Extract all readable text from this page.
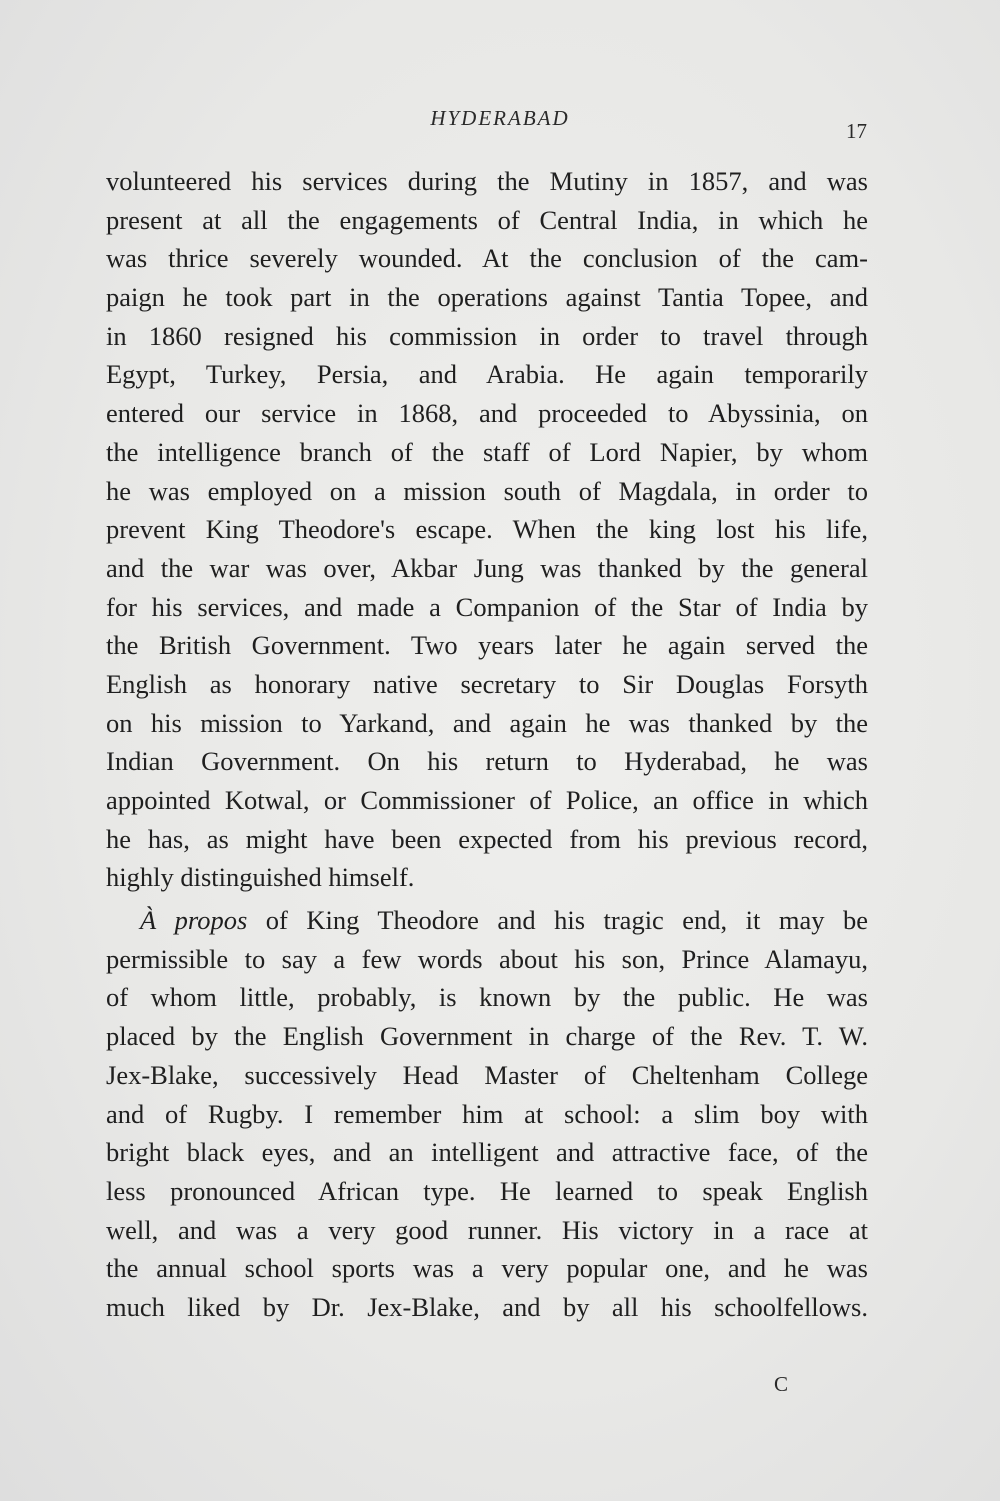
HYDERABAD
17
volunteered his services during the Mutiny in 1857, and was
present at all the engagements of Central India, in which he
was thrice severely wounded. At the conclusion of the cam-
paign he took part in the operations against Tantia Topee, and
in 1860 resigned his commission in order to travel through
Egypt, Turkey, Persia, and Arabia. He again temporarily
entered our service in 1868, and proceeded to Abyssinia, on
the intelligence branch of the staff of Lord Napier, by whom
he was employed on a mission south of Magdala, in order to
prevent King Theodore's escape. When the king lost his life,
and the war was over, Akbar Jung was thanked by the general
for his services, and made a Companion of the Star of India by
the British Government. Two years later he again served the
English as honorary native secretary to Sir Douglas Forsyth
on his mission to Yarkand, and again he was thanked by the
Indian Government. On his return to Hyderabad, he was
appointed Kotwal, or Commissioner of Police, an office in which
he has, as might have been expected from his previous record,
highly distinguished himself.
À propos of King Theodore and his tragic end, it may be
permissible to say a few words about his son, Prince Alamayu,
of whom little, probably, is known by the public. He was
placed by the English Government in charge of the Rev. T. W.
Jex-Blake, successively Head Master of Cheltenham College
and of Rugby. I remember him at school: a slim boy with
bright black eyes, and an intelligent and attractive face, of the
less pronounced African type. He learned to speak English
well, and was a very good runner. His victory in a race at
the annual school sports was a very popular one, and he was
much liked by Dr. Jex-Blake, and by all his schoolfellows.
C
